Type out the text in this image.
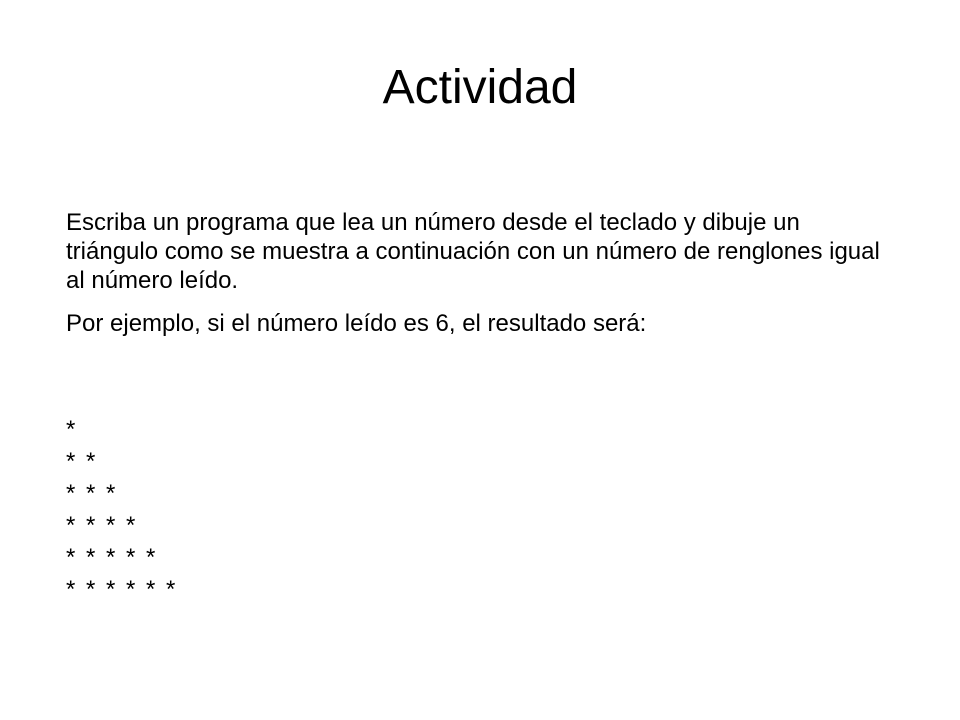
Actividad

Escriba un programa que lea un número desde el teclado y dibuje un triángulo como se muestra a continuación con un número de renglones igual al número leído.

Por ejemplo, si el número leído es 6, el resultado será:

*
* *
* * *
* * * *
* * * * *
* * * * * *
